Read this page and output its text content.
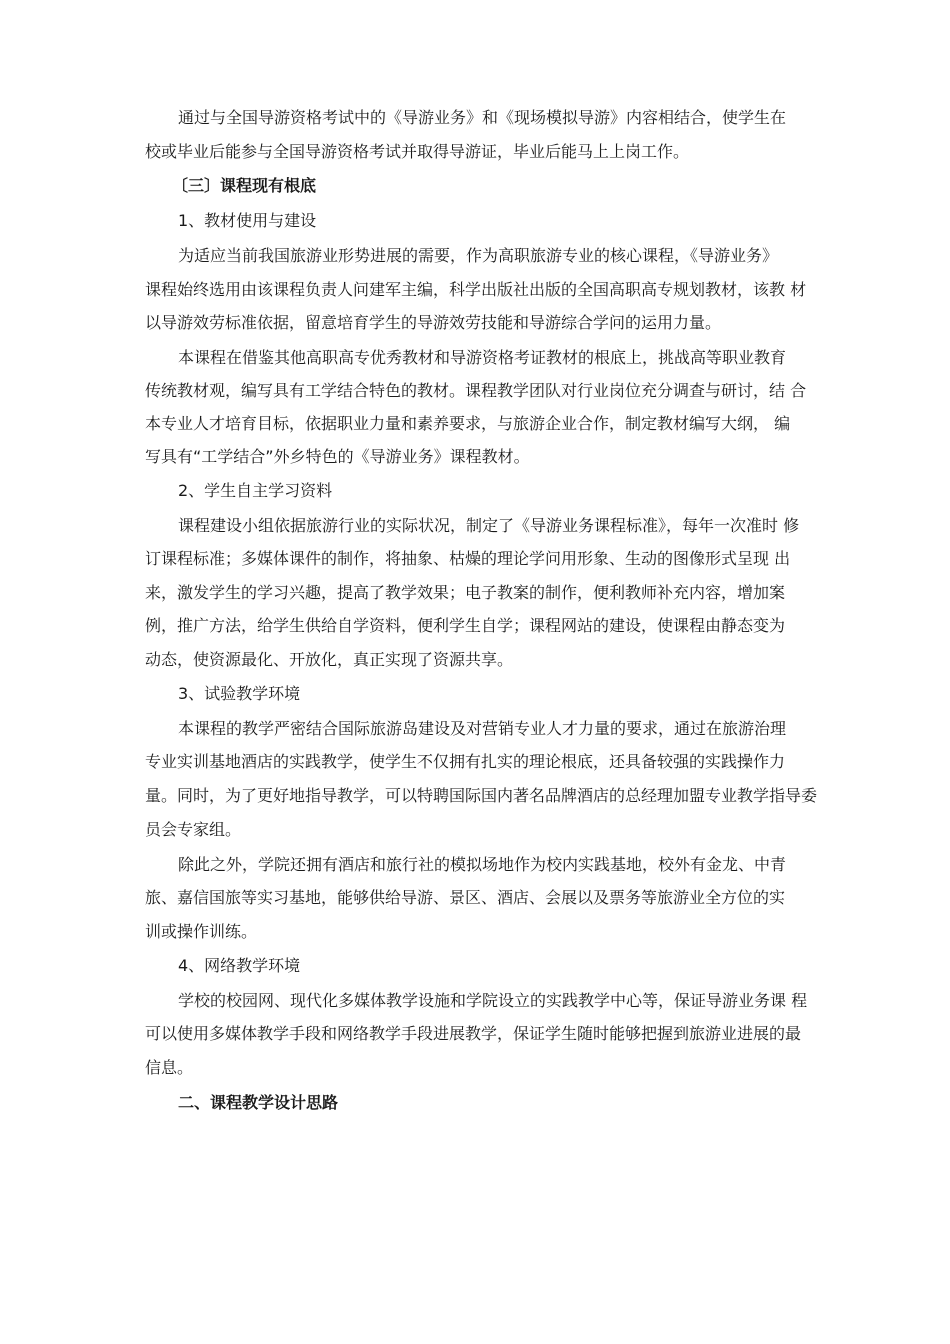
通过与全国导游资格考试中的《导游业务》和《现场模拟导游》内容相结合，使学生在
校或毕业后能参与全国导游资格考试并取得导游证，毕业后能马上上岗工作。
〔三〕课程现有根底
1、教材使用与建设
为适应当前我国旅游业形势进展的需要，作为高职旅游专业的核心课程，《导游业务》
课程始终选用由该课程负责人问建军主编，科学出版社出版的全国高职高专规划教材，该教 材
以导游效劳标准依据，留意培育学生的导游效劳技能和导游综合学问的运用力量。
本课程在借鉴其他高职高专优秀教材和导游资格考证教材的根底上，挑战高等职业教育
传统教材观，编写具有工学结合特色的教材。课程教学团队对行业岗位充分调查与研讨，结 合
本专业人才培育目标，依据职业力量和素养要求，与旅游企业合作，制定教材编写大纲， 编
写具有“工学结合”外乡特色的《导游业务》课程教材。
2、学生自主学习资料
课程建设小组依据旅游行业的实际状况，制定了《导游业务课程标准》，每年一次准时 修
订课程标准；多媒体课件的制作，将抽象、枯燥的理论学问用形象、生动的图像形式呈现 出
来，激发学生的学习兴趣，提高了教学效果；电子教案的制作，便利教师补充内容，增加案
例，推广方法，给学生供给自学资料，便利学生自学；课程网站的建设，使课程由静态变为
动态，使资源最化、开放化，真正实现了资源共享。
3、试验教学环境
本课程的教学严密结合国际旅游岛建设及对营销专业人才力量的要求，通过在旅游治理
专业实训基地酒店的实践教学，使学生不仅拥有扎实的理论根底，还具备较强的实践操作力
量。同时，为了更好地指导教学，可以特聘国际国内著名品牌酒店的总经理加盟专业教学指导委
员会专家组。
除此之外，学院还拥有酒店和旅行社的模拟场地作为校内实践基地，校外有金龙、中青
旅、嘉信国旅等实习基地，能够供给导游、景区、酒店、会展以及票务等旅游业全方位的实
训或操作训练。
4、网络教学环境
学校的校园网、现代化多媒体教学设施和学院设立的实践教学中心等，保证导游业务课 程
可以使用多媒体教学手段和网络教学手段进展教学，保证学生随时能够把握到旅游业进展的最
信息。
二、课程教学设计思路
